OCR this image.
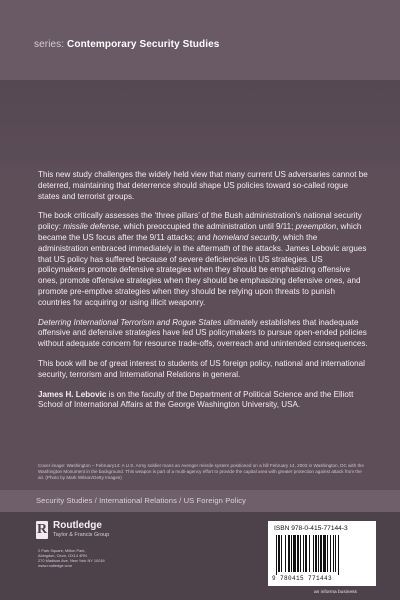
series: Contemporary Security Studies

This new study challenges the widely held view that many current US adversaries cannot be deterred, maintaining that deterrence should shape US policies toward so-called rogue states and terrorist groups.

The book critically assesses the ‘three pillars’ of the Bush administration's national security policy: missile defense, which preoccupied the administration until 9/11; preemption, which became the US focus after the 9/11 attacks; and homeland security, which the administration embraced immediately in the aftermath of the attacks. James Lebovic argues that US policy has suffered because of severe deficiencies in US strategies. US policymakers promote defensive strategies when they should be emphasizing offensive ones, promote offensive strategies when they should be emphasizing defensive ones, and promote pre-emptive strategies when they should be relying upon threats to punish countries for acquiring or using illicit weaponry.

Deterring International Terrorism and Rogue States ultimately establishes that inadequate offensive and defensive strategies have led US policymakers to pursue open-ended policies without adequate concern for resource trade-offs, overreach and unintended consequences.

This book will be of great interest to students of US foreign policy, national and international security, terrorism and International Relations in general.

James H. Lebovic is on the faculty of the Department of Political Science and the Elliott School of International Affairs at the George Washington University, USA.

Cover image: Washington – February14: A U.S. Army soldier mans an Avenger missile system positioned on a hill February 14, 2003 in Washington, DC with the Washington Monument in the background. This weapon is part of a multi-agency effort to provide the capital area with greater protection against attack from the air. (Photo by Mark Wilson/Getty Images)
Security Studies / International Relations / US Foreign Policy
R Routledge
Taylor & Francis Group
2 Park Square, Milton Park,
Abingdon, Oxon, OX14 4RN
270 Madison Ave, New York NY 10016
www.routledge.com
ISBN 978-0-415-77144-3
9 780415 771443
an informa business
